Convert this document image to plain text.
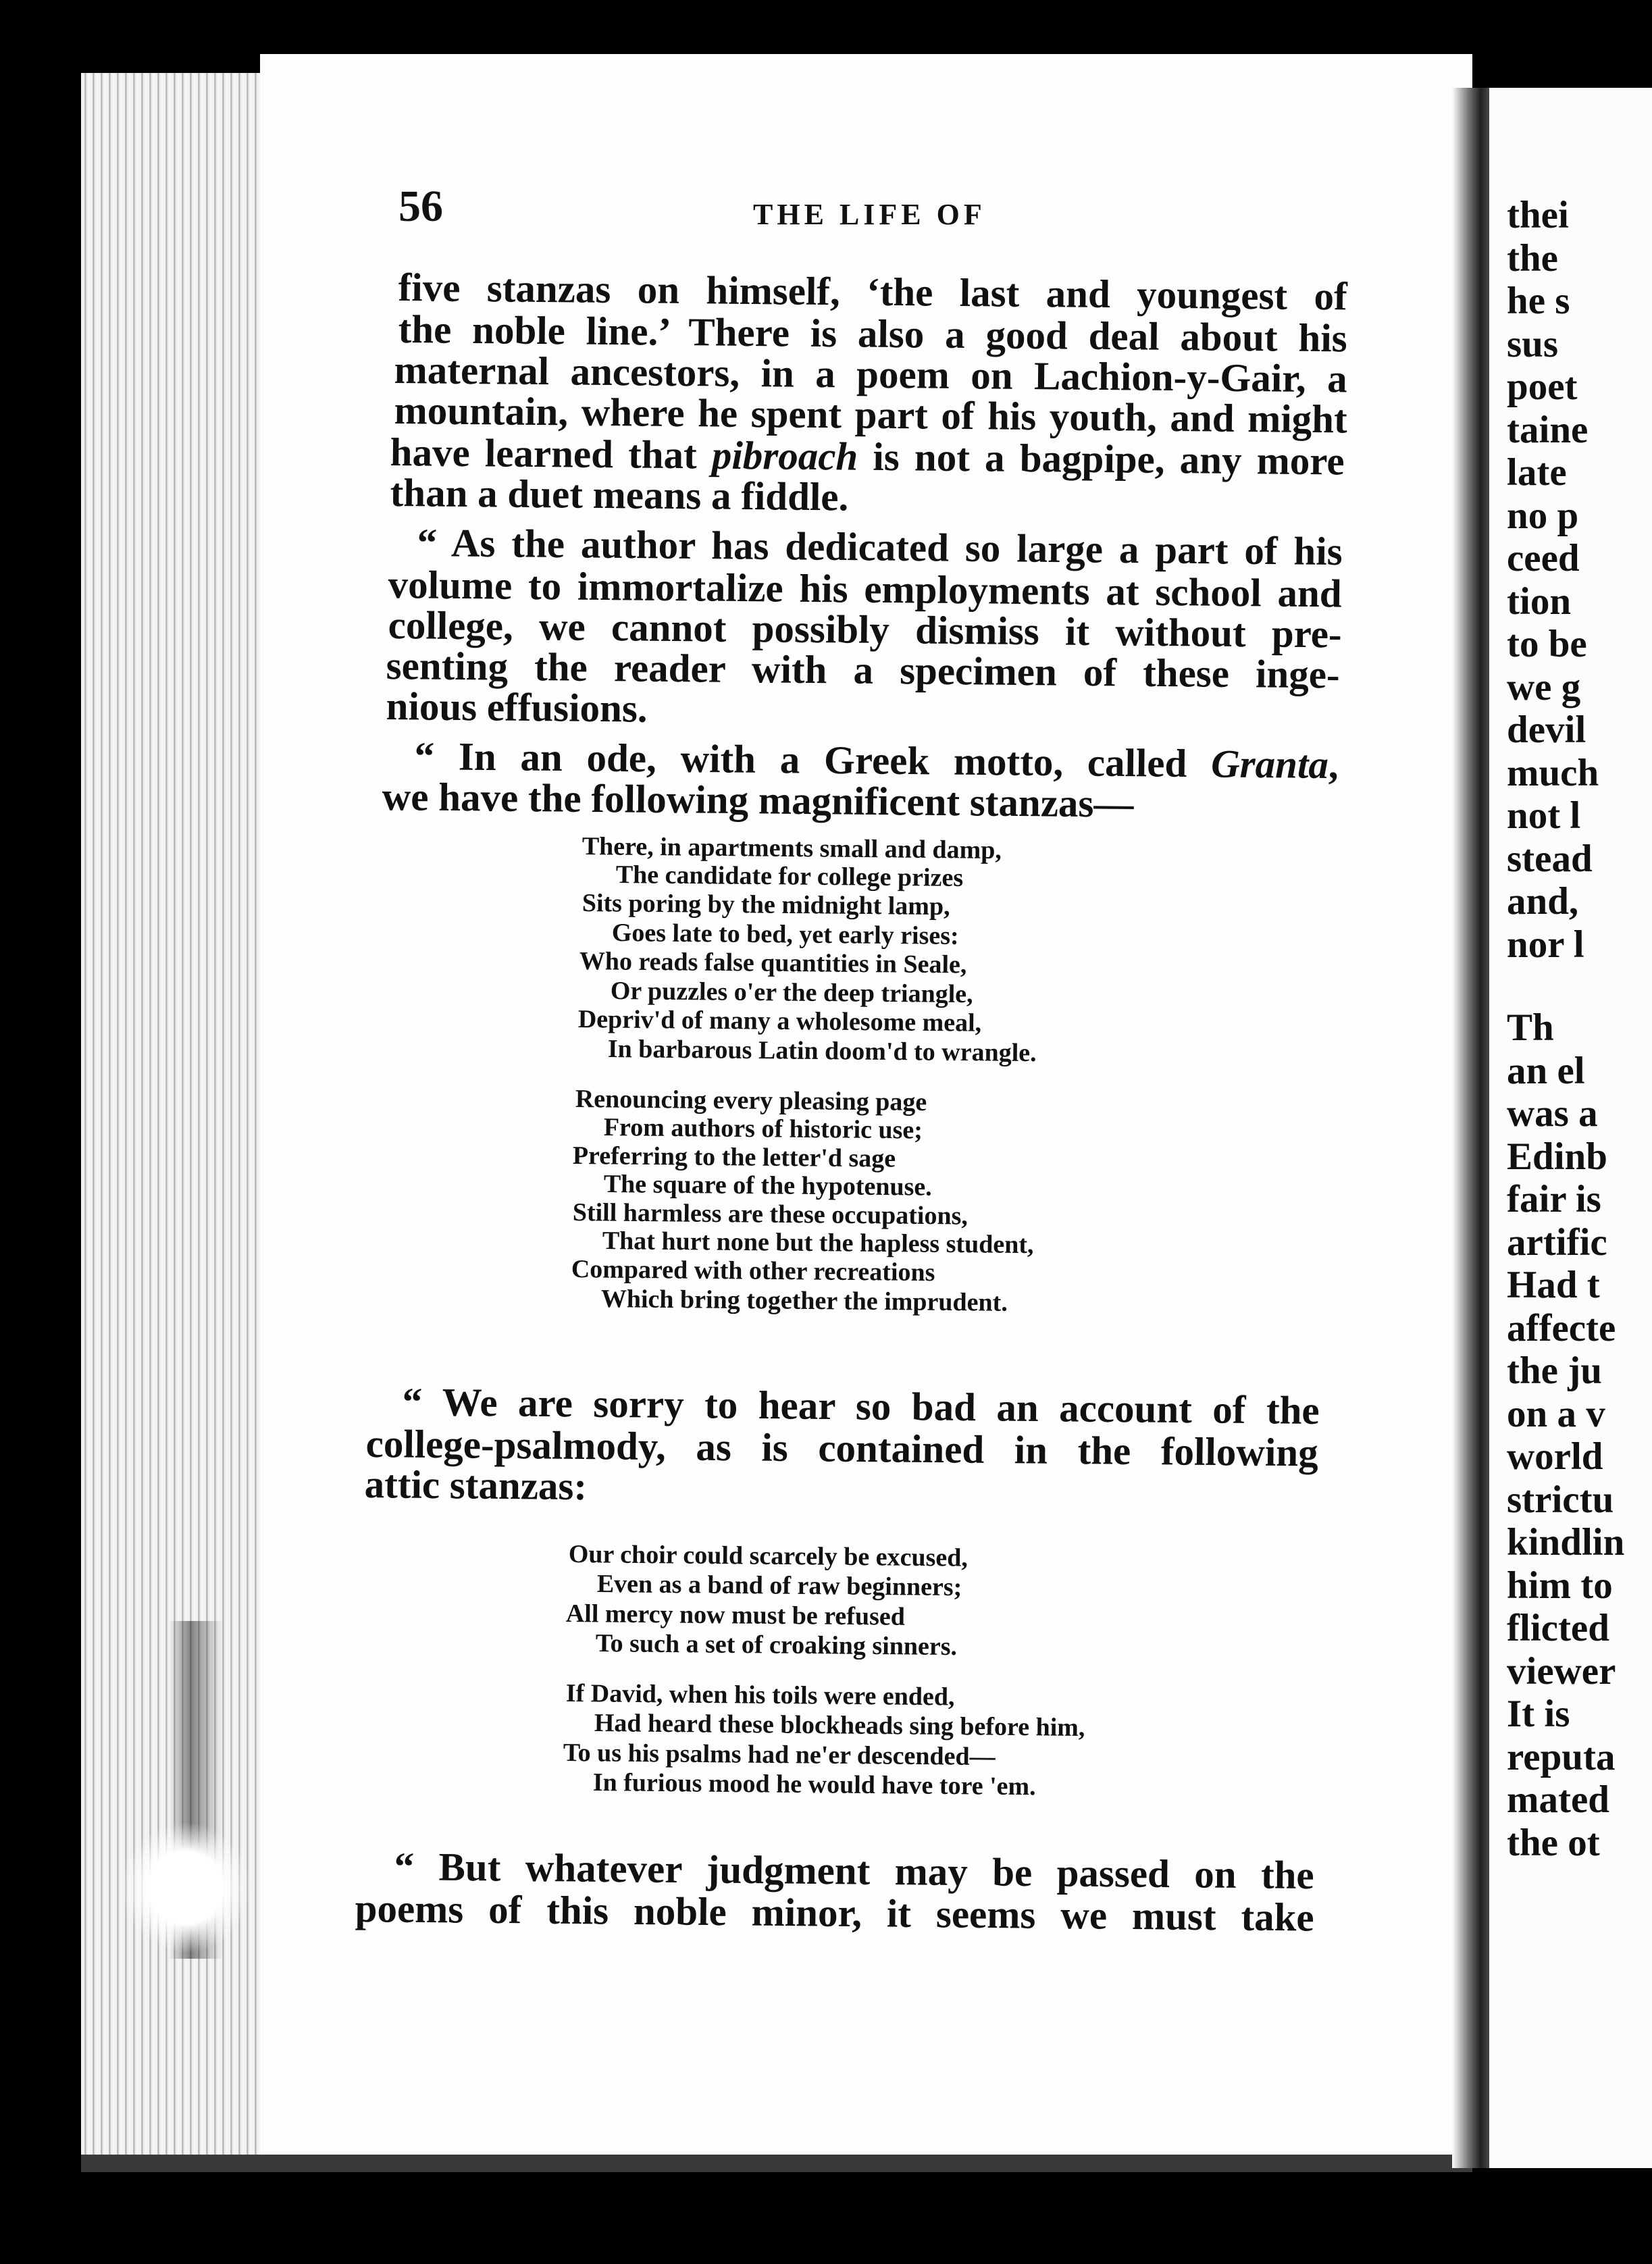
thei
the
he s
sus
poet
taine
late
no p
ceed
tion
to be
we g
devil
much
not l
stead
and,
nor l
Th
an el
was a
Edinb
fair is
artific
Had t
affecte
the ju
on a v
world
strictu
kindlin
him to
flicted
viewer
It is
reputa
mated
the ot
56	THE LIFE OF
five stanzas on himself, ‘the last and youngest of
the noble line.’ There is also a good deal about his
maternal ancestors, in a poem on Lachion-y-Gair, a
mountain, where he spent part of his youth, and might
have learned that pibroach is not a bagpipe, any more
than a duet means a fiddle.
“ As the author has dedicated so large a part of his
volume to immortalize his employments at school and
college, we cannot possibly dismiss it without pre-
senting the reader with a specimen of these inge-
nious effusions.
“ In an ode, with a Greek motto, called Granta,
we have the following magnificent stanzas—
There, in apartments small and damp,
The candidate for college prizes
Sits poring by the midnight lamp,
Goes late to bed, yet early rises:
Who reads false quantities in Seale,
Or puzzles o'er the deep triangle,
Depriv'd of many a wholesome meal,
In barbarous Latin doom'd to wrangle.
Renouncing every pleasing page
From authors of historic use;
Preferring to the letter'd sage
The square of the hypotenuse.
Still harmless are these occupations,
That hurt none but the hapless student,
Compared with other recreations
Which bring together the imprudent.
“ We are sorry to hear so bad an account of the
college-psalmody, as is contained in the following
attic stanzas:
Our choir could scarcely be excused,
Even as a band of raw beginners;
All mercy now must be refused
To such a set of croaking sinners.
If David, when his toils were ended,
Had heard these blockheads sing before him,
To us his psalms had ne'er descended—
In furious mood he would have tore 'em.
“ But whatever judgment may be passed on the
poems of this noble minor, it seems we must take
